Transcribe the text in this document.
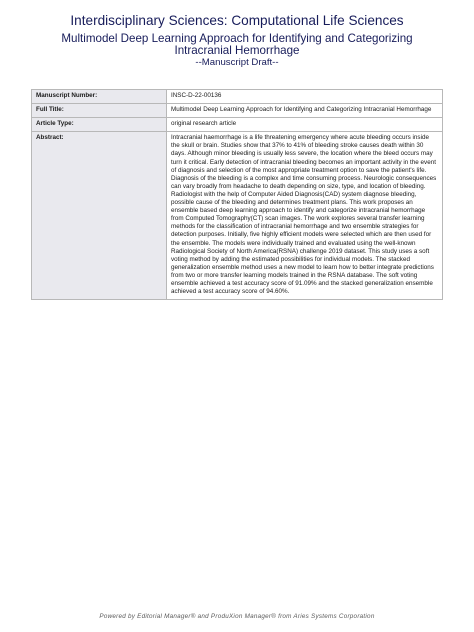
Interdisciplinary Sciences: Computational Life Sciences
Multimodel Deep Learning Approach for Identifying and Categorizing Intracranial Hemorrhage
--Manuscript Draft--
Manuscript Number:	INSC-D-22-00136
Full Title:	Multimodel Deep Learning Approach for Identifying and Categorizing Intracranial Hemorrhage
Article Type:	original research article
Abstract:	Intracranial haemorrhage is a life threatening emergency where acute bleeding occurs inside the skull or brain. Studies show that 37% to 41% of bleeding stroke causes death within 30 days. Although minor bleeding is usually less severe, the location where the bleed occurs may turn it critical. Early detection of intracranial bleeding becomes an important activity in the event of diagnosis and selection of the most appropriate treatment option to save the patient's life. Diagnosis of the bleeding is a complex and time consuming process. Neurologic consequences can vary broadly from headache to death depending on size, type, and location of bleeding. Radiologist with the help of Computer Aided Diagnosis(CAD) system diagnose bleeding, possible cause of the bleeding and determines treatment plans. This work proposes an ensemble based deep learning approach to identify and categorize intracranial hemorrhage from Computed Tomography(CT) scan images. The work explores several transfer learning methods for the classification of intracranial hemorrhage and two ensemble strategies for detection purposes. Initially, five highly efficient models were selected which are then used for the ensemble. The models were individually trained and evaluated using the well-known Radiological Society of North America(RSNA) challenge 2019 dataset. This study uses a soft voting method by adding the estimated possibilities for individual models. The stacked generalization ensemble method uses a new model to learn how to better integrate predictions from two or more transfer learning models trained in the RSNA database. The soft voting ensemble achieved a test accuracy score of 91.09% and the stacked generalization ensemble achieved a test accuracy score of 94.60%.
Powered by Editorial Manager® and ProduXion Manager® from Aries Systems Corporation
